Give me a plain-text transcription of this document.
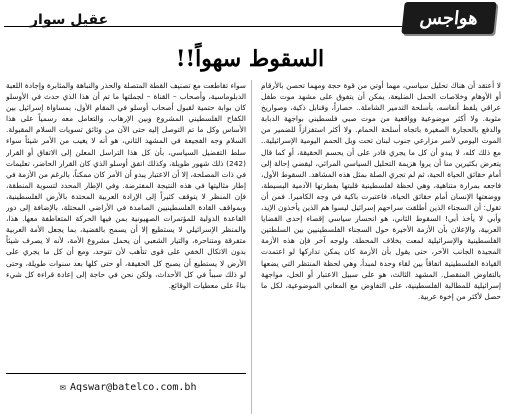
هواجس
عقيل سوار
السقوط سهواً!!

لا أعتقد أن هناك تحليل سياسي، مهما أوتي من قوة حجة ومهما تحصن بالأرقام أو الأوهام وخلاصات الحمل الضليعة، يمكن أن يتفوق على مشهد موت طفل عراقي يلفظ أنفاسه، بأسلحة التدمير الشاملة.. حصاراً، وقنابل ذكية، وصواريخ مثوبة. ولا أكثر موضوعية وواقعية من موت صبي فلسطيني بواجهة الدبابة والدفع بالحجارة الصغيرة باتجاه أسلحة الحمام. ولا أكثر استفزازاً للضمير من الموت اليومي لأسر مزارعي جنوب لبنان تحت وبل الحمم اليومية الإسرائيلية.. مع ذلك كله، لا يبدو أن كل ما يجري قادر على أن يحسم الحقيقة، أو كما قال يتعرض بكثيرين منا أن يروا هزيمة التحليل السياسي المرائي، ليقضي إحالة إلى أمام حقائق الحياة الحية، ثم لم تجري الصلة بمثل هذه المشاهد. السقوط الأول، فاجعه بمرارة متناهية، وهي لحظة لفلسطينية قلبتها بفطرتها الآدمية البسيطة، ووضعتها الإنسان أمام حقائق الحياة، فاعتبرت باكية في وجه الكاميرا. فمن أن تقول: أن السجناء الذين أطلقت سراحهم إسرائيل ليسوا هم الذين يأخذون الإيد، وأبي لا يأخذ أبي! السقوط الثاني، هو انحسار سياسي إقصاء إحدى القضايا العربية، والإعلان بأن الأزمة الأخيرة حول السجناء الفلسطينيين بين السلطتين الفلسطينية والإسرائيلية لمعت بخلاف المحطة. ولوجه آخر فإن هذه الأزمة المجيدة الجانب الآخر، حتى يقول بأن الأزمة كان يمكن تداركها لو اعتمدت القيادة الفلسطينية اتفاقاً بين لقاء وحدة لمبدأ، وهي لحظة المنتظر التي يضعها بالتفاوض المنقصل. المشهد الثالث، هو على سبيل الاعتبار أو الحل، مواجهة إسرائيلية للمطالبة الفلسطينية، على التفاوض مع المعاني الموضوعية، لكل ما حصل لأكثر من إخوة عربية.

سواء تقاطعت مع تصنيف القطة المتصلة والحذر والنباهة والمثابرة وإجادة اللعبة الدبلوماسية، وأصحاب – القناة – لجملتها ما تم أن هذا الذي حدث في الأوسلو كان بوابة حتمية لقبول أصحاب أوسلو في المقام الأول، بمساواة إسرائيل بين الكفاح الفلسطيني المشروع وبين الإرهاب، والتعامل معه رسمياً على هذا الأساس وكل ما تم التوصل إليه حتى الآن من وثائق تسويات السلام المقبولة. السلام وجه الفجيعة في المشهد الثاني، هو أنه لا يغيب من الأمر شيئاً سواء سلط التفضيل السياسي، بأن كل هذا التراسل المعلن إلى الاتفاق أو القرار (242) ذلك شهور طويلة، وكذلك اتفق أوسلو الذي كان القرار الحاضر، تعليمات في ذات المصلحة، إلا أن الاعتبار يبدو أن الأمر كان ممكناً، بالرغم من الأزمة في إطار مثاليتها في هذه النتيجة المفترضة. وفي الإطار المحدد لتسوية المنطقة، فإن المنظر لا يتوقف كثيراً إلى الإرادة العربية المحتدة بالأرض الفلسطينية، وبمواقف القادة الفلسطينيين الصامدة في الأراضي المحتلة، بالإضافة إلى دور القاعدة الدولية للمؤتمرات الصهيونية بمن فيها الحركة المتعاطفة معها. هذا، والمنظر الإسرائيلي لا يستطيع إلا أن يسمح بالقضية، بما يجعل الأمة العربية متفرقة ومتناحرة، والتيار الشعبي أن يحمل مشروع الأمة، لأنه لا يصرف شيئاً بدون الاتكال الخفي على قوى تتأهب لأن تتوحد، ومع أن كل ما يجري على الأرض لا يستطيع أن يصبح كل الحقيقة، أو حتى كلها بعد سنوات طويلة، وحتى لو ذلك سبباً في كل الأحداث، ولكن نحن في حاجة إلى إعادة قراءة كل شيء بناءً على معطيات الوقائع.

✉ Aqswar@batelco.com.bh
